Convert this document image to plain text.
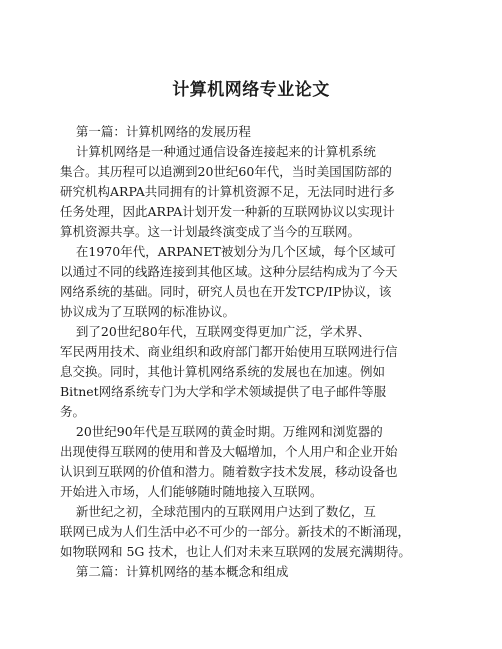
计算机网络专业论文
第一篇：计算机网络的发展历程
计算机网络是一种通过通信设备连接起来的计算机系统
集合。其历程可以追溯到20世纪60年代，当时美国国防部的
研究机构ARPA共同拥有的计算机资源不足，无法同时进行多
任务处理，因此ARPA计划开发一种新的互联网协议以实现计
算机资源共享。这一计划最终演变成了当今的互联网。
在1970年代，ARPANET被划分为几个区域，每个区域可
以通过不同的线路连接到其他区域。这种分层结构成为了今天
网络系统的基础。同时，研究人员也在开发TCP/IP协议，该
协议成为了互联网的标准协议。
到了20世纪80年代，互联网变得更加广泛，学术界、
军民两用技术、商业组织和政府部门都开始使用互联网进行信
息交换。同时，其他计算机网络系统的发展也在加速。例如
Bitnet网络系统专门为大学和学术领域提供了电子邮件等服
务。
20世纪90年代是互联网的黄金时期。万维网和浏览器的
出现使得互联网的使用和普及大幅增加，个人用户和企业开始
认识到互联网的价值和潜力。随着数字技术发展，移动设备也
开始进入市场，人们能够随时随地接入互联网。
新世纪之初，全球范围内的互联网用户达到了数亿，互
联网已成为人们生活中必不可少的一部分。新技术的不断涌现，
如物联网和 5G 技术，也让人们对未来互联网的发展充满期待。
第二篇：计算机网络的基本概念和组成
